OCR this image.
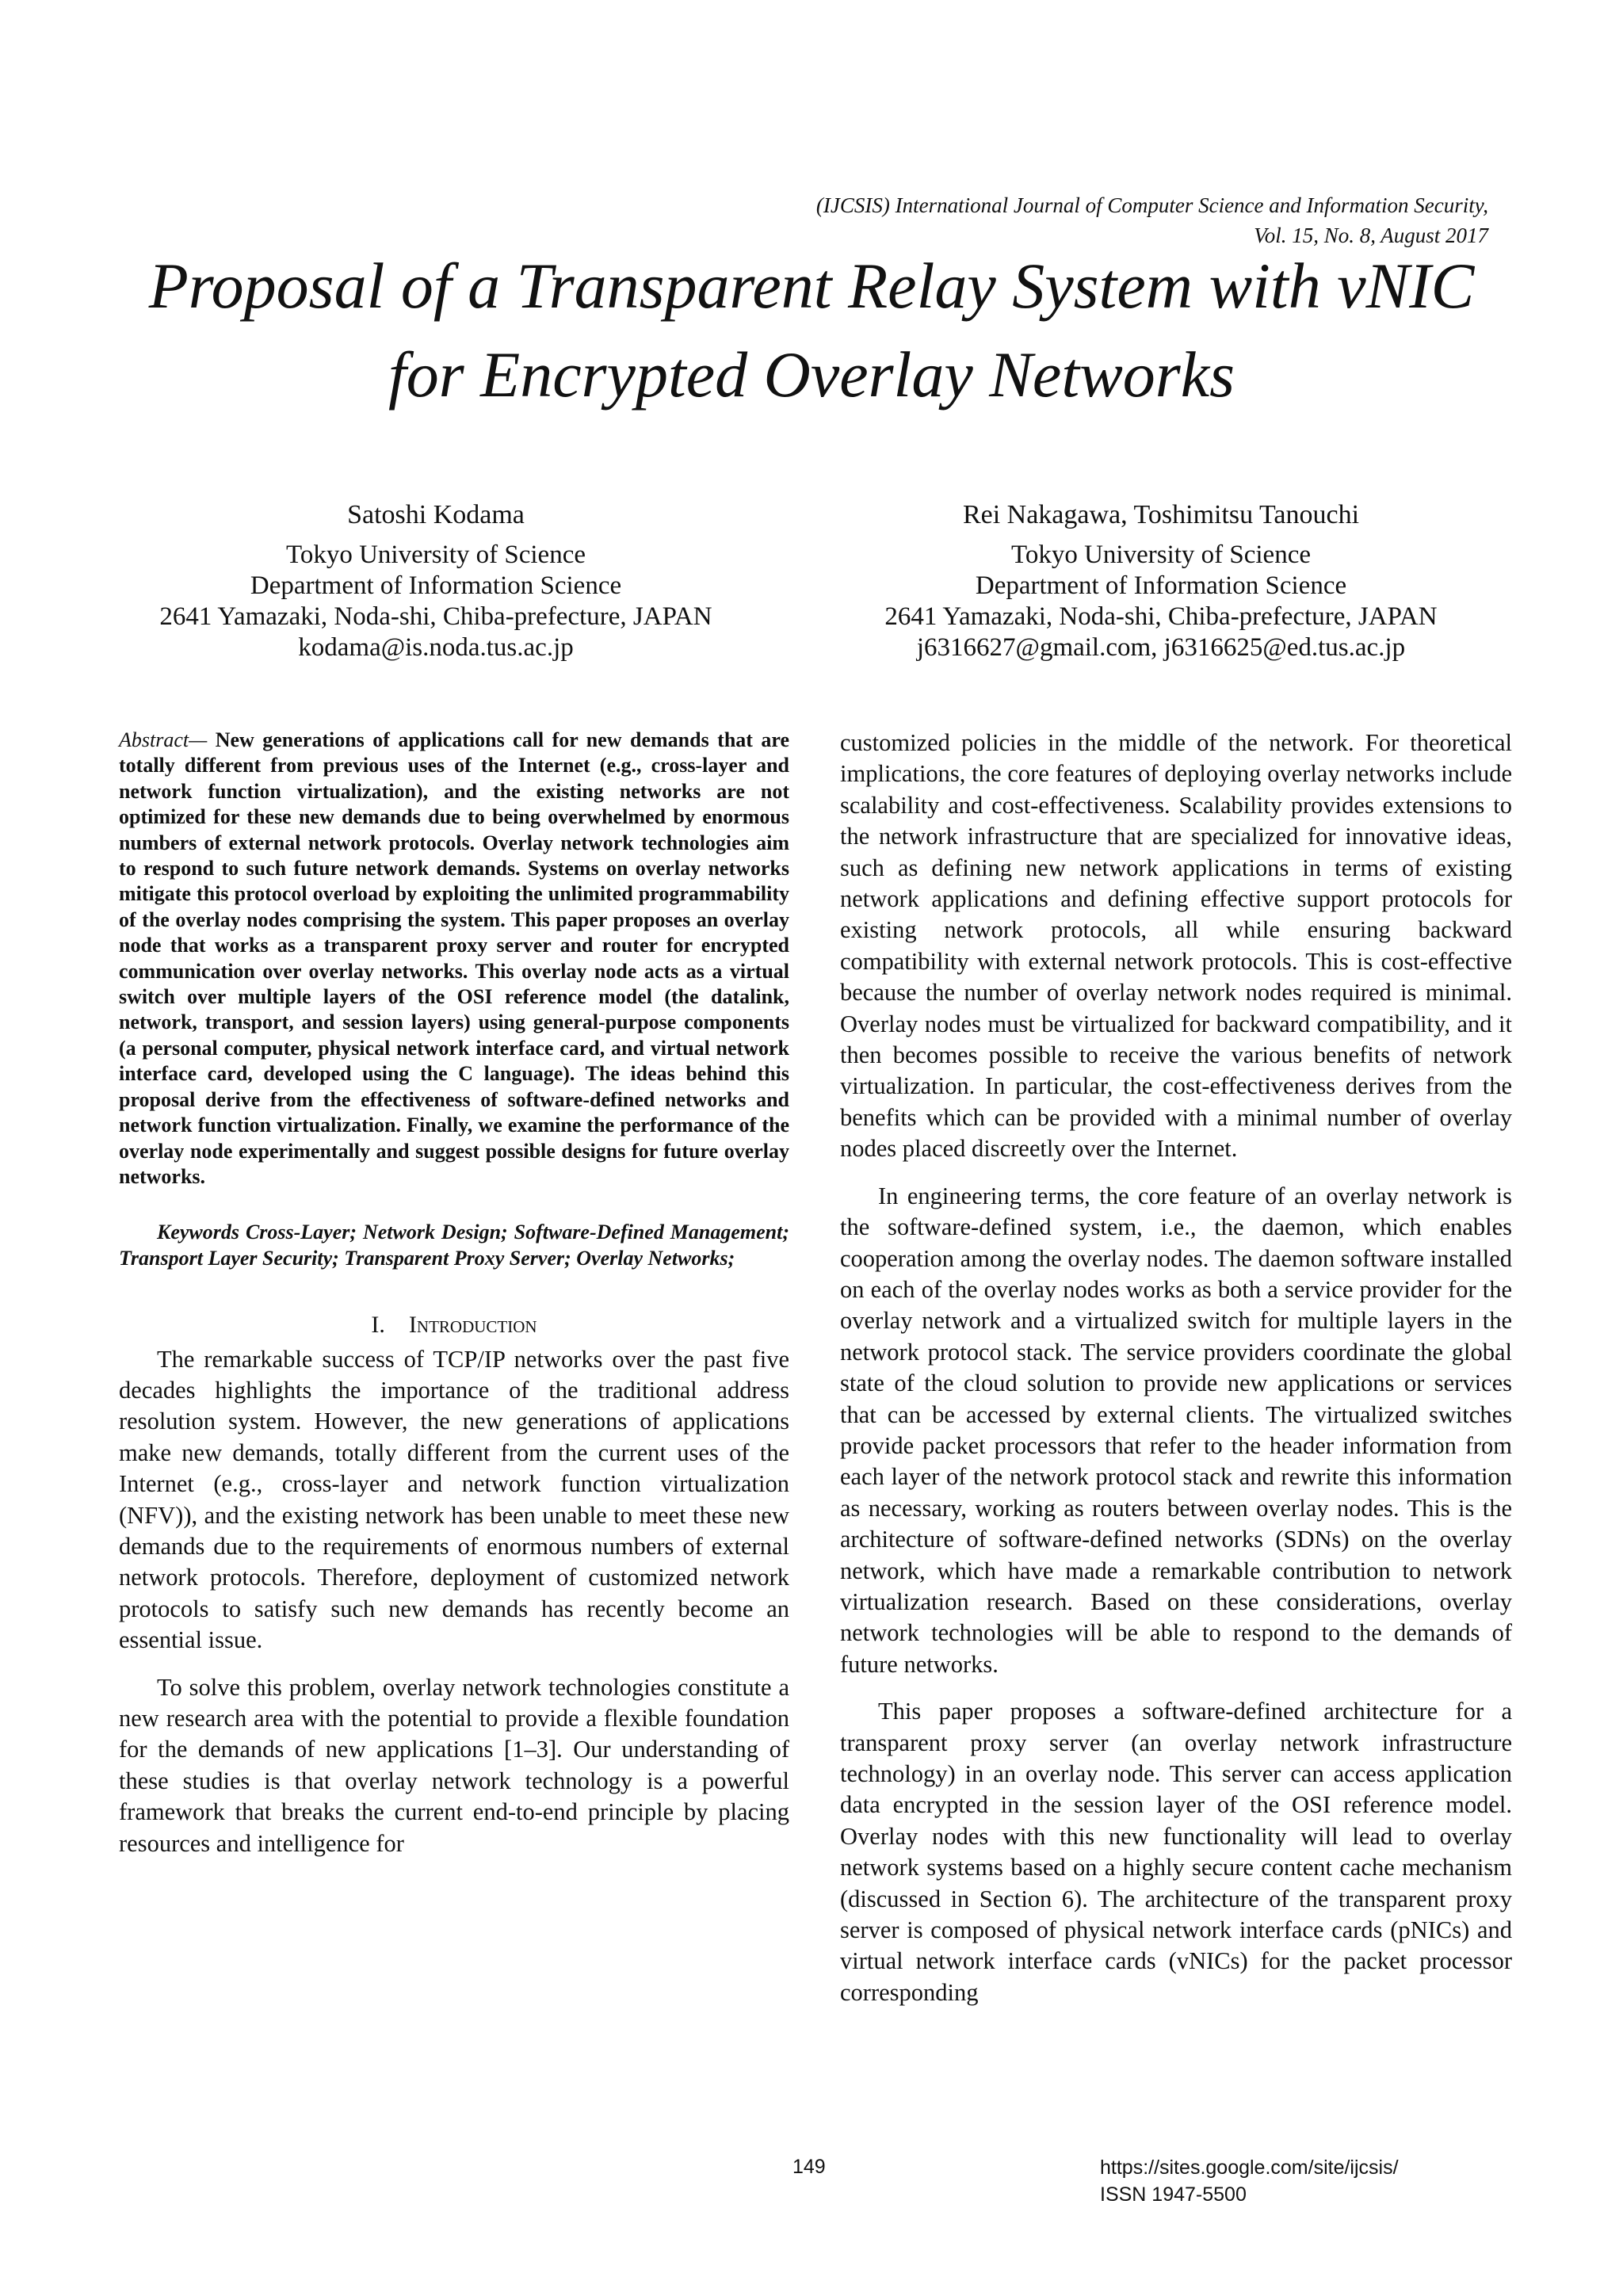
(IJCSIS) International Journal of Computer Science and Information Security,
Vol. 15, No. 8, August 2017
Proposal of a Transparent Relay System with vNIC
for Encrypted Overlay Networks
Satoshi Kodama
Tokyo University of Science
Department of Information Science
2641 Yamazaki, Noda-shi, Chiba-prefecture, JAPAN
kodama@is.noda.tus.ac.jp
Rei Nakagawa, Toshimitsu Tanouchi
Tokyo University of Science
Department of Information Science
2641 Yamazaki, Noda-shi, Chiba-prefecture, JAPAN
j6316627@gmail.com, j6316625@ed.tus.ac.jp

Abstract— New generations of applications call for new demands that are totally different from previous uses of the Internet (e.g., cross-layer and network function virtualization), and the existing networks are not optimized for these new demands due to being overwhelmed by enormous numbers of external network protocols. Overlay network technologies aim to respond to such future network demands. Systems on overlay networks mitigate this protocol overload by exploiting the unlimited programmability of the overlay nodes comprising the system. This paper proposes an overlay node that works as a transparent proxy server and router for encrypted communication over overlay networks. This overlay node acts as a virtual switch over multiple layers of the OSI reference model (the datalink, network, transport, and session layers) using general-purpose components (a personal computer, physical network interface card, and virtual network interface card, developed using the C language). The ideas behind this proposal derive from the effectiveness of software-defined networks and network function virtualization. Finally, we examine the performance of the overlay node experimentally and suggest possible designs for future overlay networks.

Keywords Cross-Layer; Network Design; Software-Defined Management; Transport Layer Security; Transparent Proxy Server; Overlay Networks;

I. Introduction

The remarkable success of TCP/IP networks over the past five decades highlights the importance of the traditional address resolution system. However, the new generations of applications make new demands, totally different from the current uses of the Internet (e.g., cross-layer and network function virtualization (NFV)), and the existing network has been unable to meet these new demands due to the requirements of enormous numbers of external network protocols. Therefore, deployment of customized network protocols to satisfy such new demands has recently become an essential issue.

To solve this problem, overlay network technologies constitute a new research area with the potential to provide a flexible foundation for the demands of new applications [1–3]. Our understanding of these studies is that overlay network technology is a powerful framework that breaks the current end-to-end principle by placing resources and intelligence for

customized policies in the middle of the network. For theoretical implications, the core features of deploying overlay networks include scalability and cost-effectiveness. Scalability provides extensions to the network infrastructure that are specialized for innovative ideas, such as defining new network applications in terms of existing network applications and defining effective support protocols for existing network protocols, all while ensuring backward compatibility with external network protocols. This is cost-effective because the number of overlay network nodes required is minimal. Overlay nodes must be virtualized for backward compatibility, and it then becomes possible to receive the various benefits of network virtualization. In particular, the cost-effectiveness derives from the benefits which can be provided with a minimal number of overlay nodes placed discreetly over the Internet.

In engineering terms, the core feature of an overlay network is the software-defined system, i.e., the daemon, which enables cooperation among the overlay nodes. The daemon software installed on each of the overlay nodes works as both a service provider for the overlay network and a virtualized switch for multiple layers in the network protocol stack. The service providers coordinate the global state of the cloud solution to provide new applications or services that can be accessed by external clients. The virtualized switches provide packet processors that refer to the header information from each layer of the network protocol stack and rewrite this information as necessary, working as routers between overlay nodes. This is the architecture of software-defined networks (SDNs) on the overlay network, which have made a remarkable contribution to network virtualization research. Based on these considerations, overlay network technologies will be able to respond to the demands of future networks.

This paper proposes a software-defined architecture for a transparent proxy server (an overlay network infrastructure technology) in an overlay node. This server can access application data encrypted in the session layer of the OSI reference model. Overlay nodes with this new functionality will lead to overlay network systems based on a highly secure content cache mechanism (discussed in Section 6). The architecture of the transparent proxy server is composed of physical network interface cards (pNICs) and virtual network interface cards (vNICs) for the packet processor corresponding

149	https://sites.google.com/site/ijcsis/
ISSN 1947-5500
